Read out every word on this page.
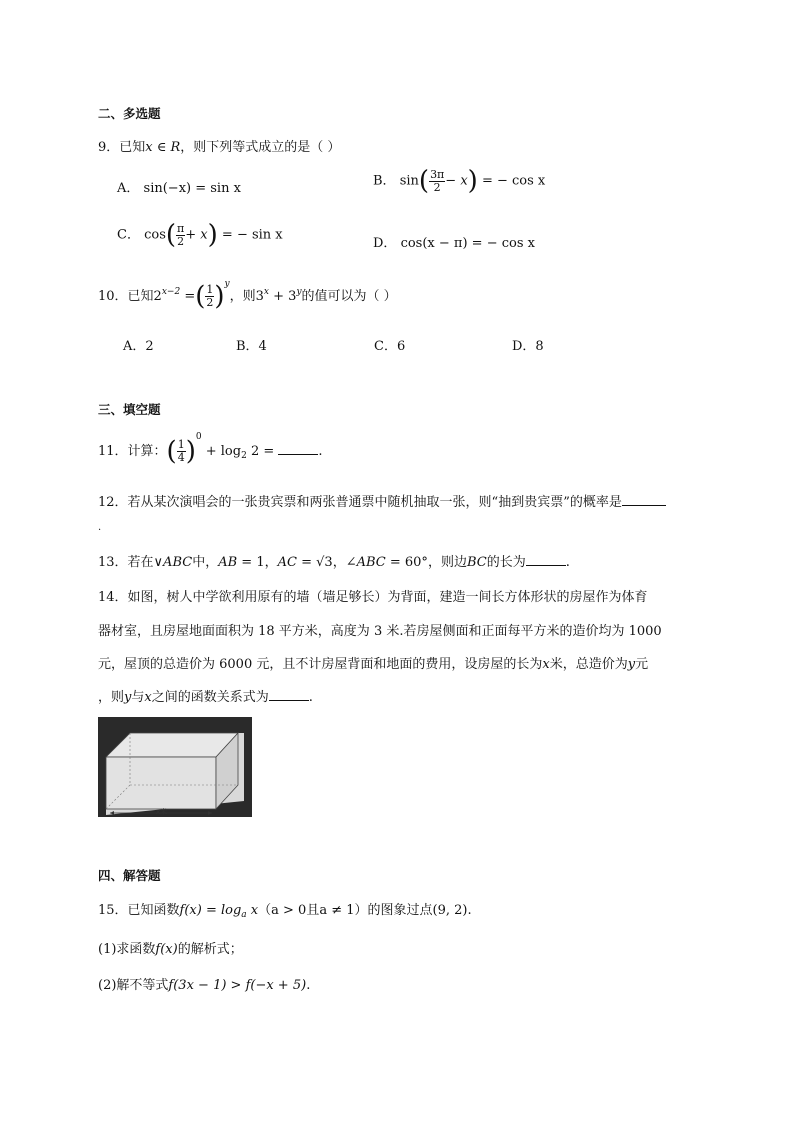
二、多选题
9．已知x ∈ R，则下列等式成立的是（ ）
A． sin(−x) = sin x	B． $\sin( \frac{3\pi}{2} - x)$ = − cos x
C． $\cos( \frac{\pi}{2} + x)$ = − sin x
D． cos(x − π) = − cos x
10．已知$2^{x-2}$ =( $\frac{1}{2} )^y$，则$3^x + 3^y$的值可以为（ ）
A．2	B．4	C．6	D．8
三、填空题
11．计算：( $\frac{1}{4} )^0 + \log_2 2$ =	.
12．若从某次演唱会的一张贵宾票和两张普通票中随机抽取一张，则“抽到贵宾票”的概率是
.
13．若在∨ABC中，AB = 1，AC = √3，∠ABC = 60°，则边BC的长为	.
14．如图，树人中学欲利用原有的墙（墙足够长）为背面，建造一间长方体形状的房屋作为体育
器材室，且房屋地面面积为 18 平方米，高度为 3 米.若房屋侧面和正面每平方米的造价均为 1000
元，屋顶的总造价为 6000 元，且不计房屋背面和地面的费用，设房屋的长为x米，总造价为y元
，则y与x之间的函数关系式为	.
x米
四、解答题
15．已知函数$f(x) = \log_a x(a > 0$且a ≠ 1）的图象过点(9, 2).
(1)求函数f(x)的解析式；
(2)解不等式f(3x − 1) > f(−x + 5).
